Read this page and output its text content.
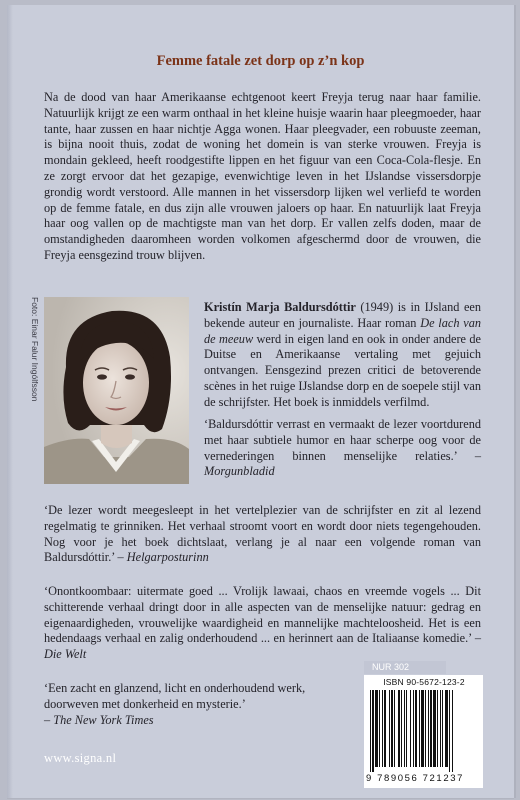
Femme fatale zet dorp op z’n kop
Na de dood van haar Amerikaanse echtgenoot keert Freyja terug naar haar familie. Natuurlijk krijgt ze een warm onthaal in het kleine huisje waarin haar pleegmoeder, haar tante, haar zussen en haar nichtje Agga wonen. Haar pleegvader, een robuuste zeeman, is bijna nooit thuis, zodat de woning het domein is van sterke vrouwen. Freyja is mondain gekleed, heeft roodgestifte lippen en het figuur van een Coca-Cola-flesje. En ze zorgt ervoor dat het gezapige, evenwichtige leven in het IJslandse vissersdorpje grondig wordt verstoord. Alle mannen in het vissersdorp lijken wel verliefd te worden op de femme fatale, en dus zijn alle vrouwen jaloers op haar. En natuurlijk laat Freyja haar oog vallen op de machtigste man van het dorp. Er vallen zelfs doden, maar de omstandigheden daaromheen worden volkomen afgeschermd door de vrouwen, die Freyja eensgezind trouw blijven.
Foto: Einar Falur Ingólfsson	Kristín Marja Baldursdóttir (1949) is in IJsland een bekende auteur en journaliste. Haar roman De lach van de meeuw werd in eigen land en ook in onder andere de Duitse en Amerikaanse vertaling met gejuich ontvangen. Eensgezind prezen critici de betoverende scènes in het ruige IJslandse dorp en de soepele stijl van de schrijfster. Het boek is inmiddels verfilmd.
‘Baldursdóttir verrast en vermaakt de lezer voortdurend met haar subtiele humor en haar scherpe oog voor de vernederingen binnen menselijke relaties.’ – Morgunbladid
‘De lezer wordt meegesleept in het vertelplezier van de schrijfster en zit al lezend regelmatig te grinniken. Het verhaal stroomt voort en wordt door niets tegengehouden. Nog voor je het boek dichtslaat, verlang je al naar een volgende roman van Baldursdóttir.’ – Helgarposturinn
‘Onontkoombaar: uitermate goed ... Vrolijk lawaai, chaos en vreemde vogels ... Dit schitterende verhaal dringt door in alle aspecten van de menselijke natuur: gedrag en eigenaardigheden, vrouwelijke waardigheid en mannelijke machteloosheid. Het is een hedendaags verhaal en zalig onderhoudend ... en herinnert aan de Italiaanse komedie.’ – Die Welt
‘Een zacht en glanzend, licht en onderhoudend werk, doorweven met donkerheid en mysterie.’
– The New York Times
www.signa.nl
NUR 302
ISBN 90-5672-123-2
9 789056 721237
